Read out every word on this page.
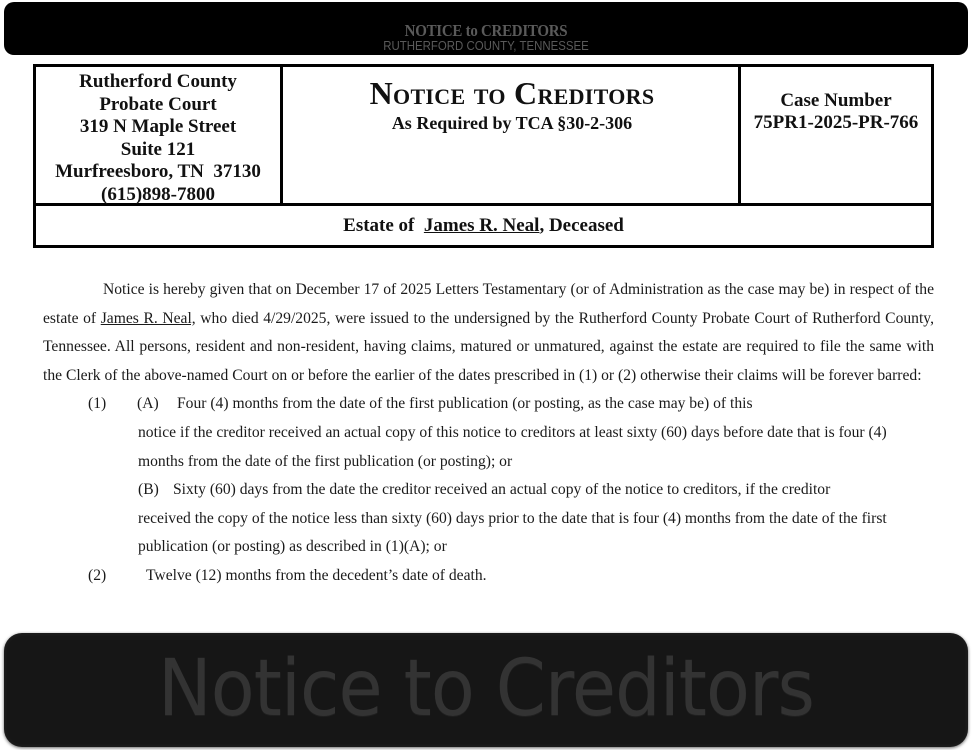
NOTICE to CREDITORS
RUTHERFORD COUNTY, TENNESSEE
Rutherford County
Probate Court
319 N Maple Street
Suite 121
Murfreesboro, TN  37130
(615)898-7800
Notice to Creditors
As Required by TCA §30-2-306
Case Number
75PR1-2025-PR-766
Estate of James R. Neal, Deceased
Notice is hereby given that on December 17 of 2025 Letters Testamentary (or of Administration as the case may be) in respect of the estate of James R. Neal, who died 4/29/2025, were issued to the undersigned by the Rutherford County Probate Court of Rutherford County, Tennessee. All persons, resident and non-resident, having claims, matured or unmatured, against the estate are required to file the same with the Clerk of the above-named Court on or before the earlier of the dates prescribed in (1) or (2) otherwise their claims will be forever barred:
(1) (A) Four (4) months from the date of the first publication (or posting, as the case may be) of this
notice if the creditor received an actual copy of this notice to creditors at least sixty (60) days before date that is four (4)
months from the date of the first publication (or posting); or
(B) Sixty (60) days from the date the creditor received an actual copy of the notice to creditors, if the creditor
received the copy of the notice less than sixty (60) days prior to the date that is four (4) months from the date of the first
publication (or posting) as described in (1)(A); or
(2)	Twelve (12) months from the decedent’s date of death.
Notice to Creditors
